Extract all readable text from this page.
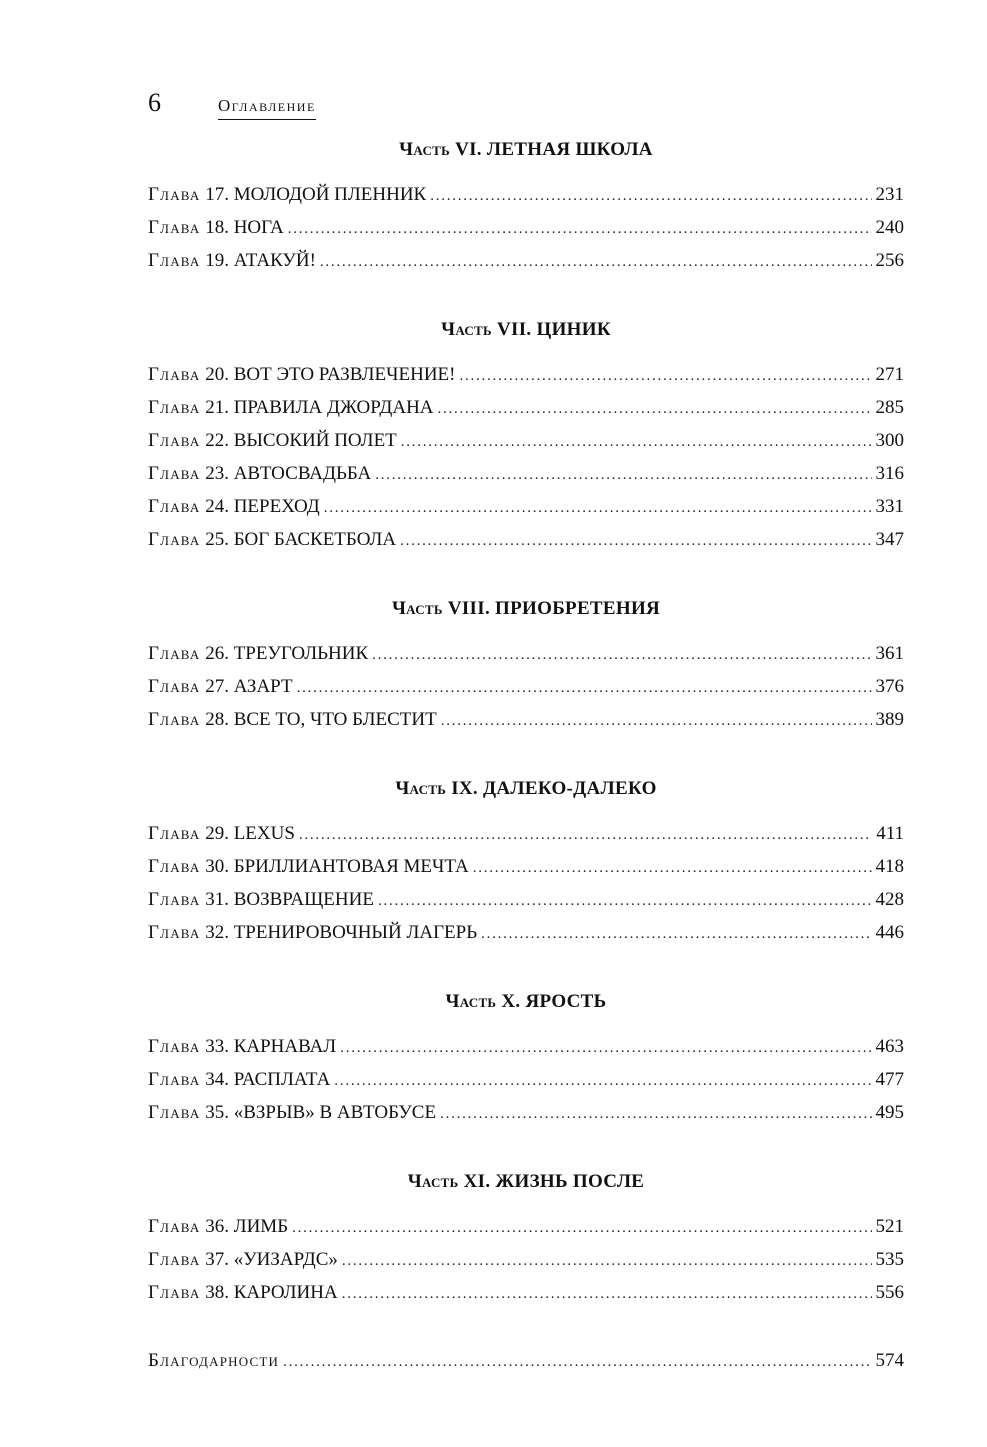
6	Оглавление
Часть VI. ЛЕТНАЯ ШКОЛА
Глава 17. МОЛОДОЙ ПЛЕННИК . . .	231
Глава 18. НОГА . . .	240
Глава 19. АТАКУЙ! . . .	256
Часть VII. ЦИНИК
Глава 20. ВОТ ЭТО РАЗВЛЕЧЕНИЕ! . . .	271
Глава 21. ПРАВИЛА ДЖОРДАНА . . .	285
Глава 22. ВЫСОКИЙ ПОЛЕТ . . .	300
Глава 23. АВТОСВАДЬБА . . .	316
Глава 24. ПЕРЕХОД . . .	331
Глава 25. БОГ БАСКЕТБОЛА . . .	347
Часть VIII. ПРИОБРЕТЕНИЯ
Глава 26. ТРЕУГОЛЬНИК . . .	361
Глава 27. АЗАРТ . . .	376
Глава 28. ВСЕ ТО, ЧТО БЛЕСТИТ . . .	389
Часть IX. ДАЛЕКО-ДАЛЕКО
Глава 29. LEXUS . . .	411
Глава 30. БРИЛЛИАНТОВАЯ МЕЧТА . . .	418
Глава 31. ВОЗВРАЩЕНИЕ . . .	428
Глава 32. ТРЕНИРОВОЧНЫЙ ЛАГЕРЬ . . .	446
Часть X. ЯРОСТЬ
Глава 33. КАРНАВАЛ . . .	463
Глава 34. РАСПЛАТА . . .	477
Глава 35. «ВЗРЫВ» В АВТОБУСЕ . . .	495
Часть XI. ЖИЗНЬ ПОСЛЕ
Глава 36. ЛИМБ . . .	521
Глава 37. «УИЗАРДС» . . .	535
Глава 38. КАРОЛИНА . . .	556
Благодарности . . .	574
